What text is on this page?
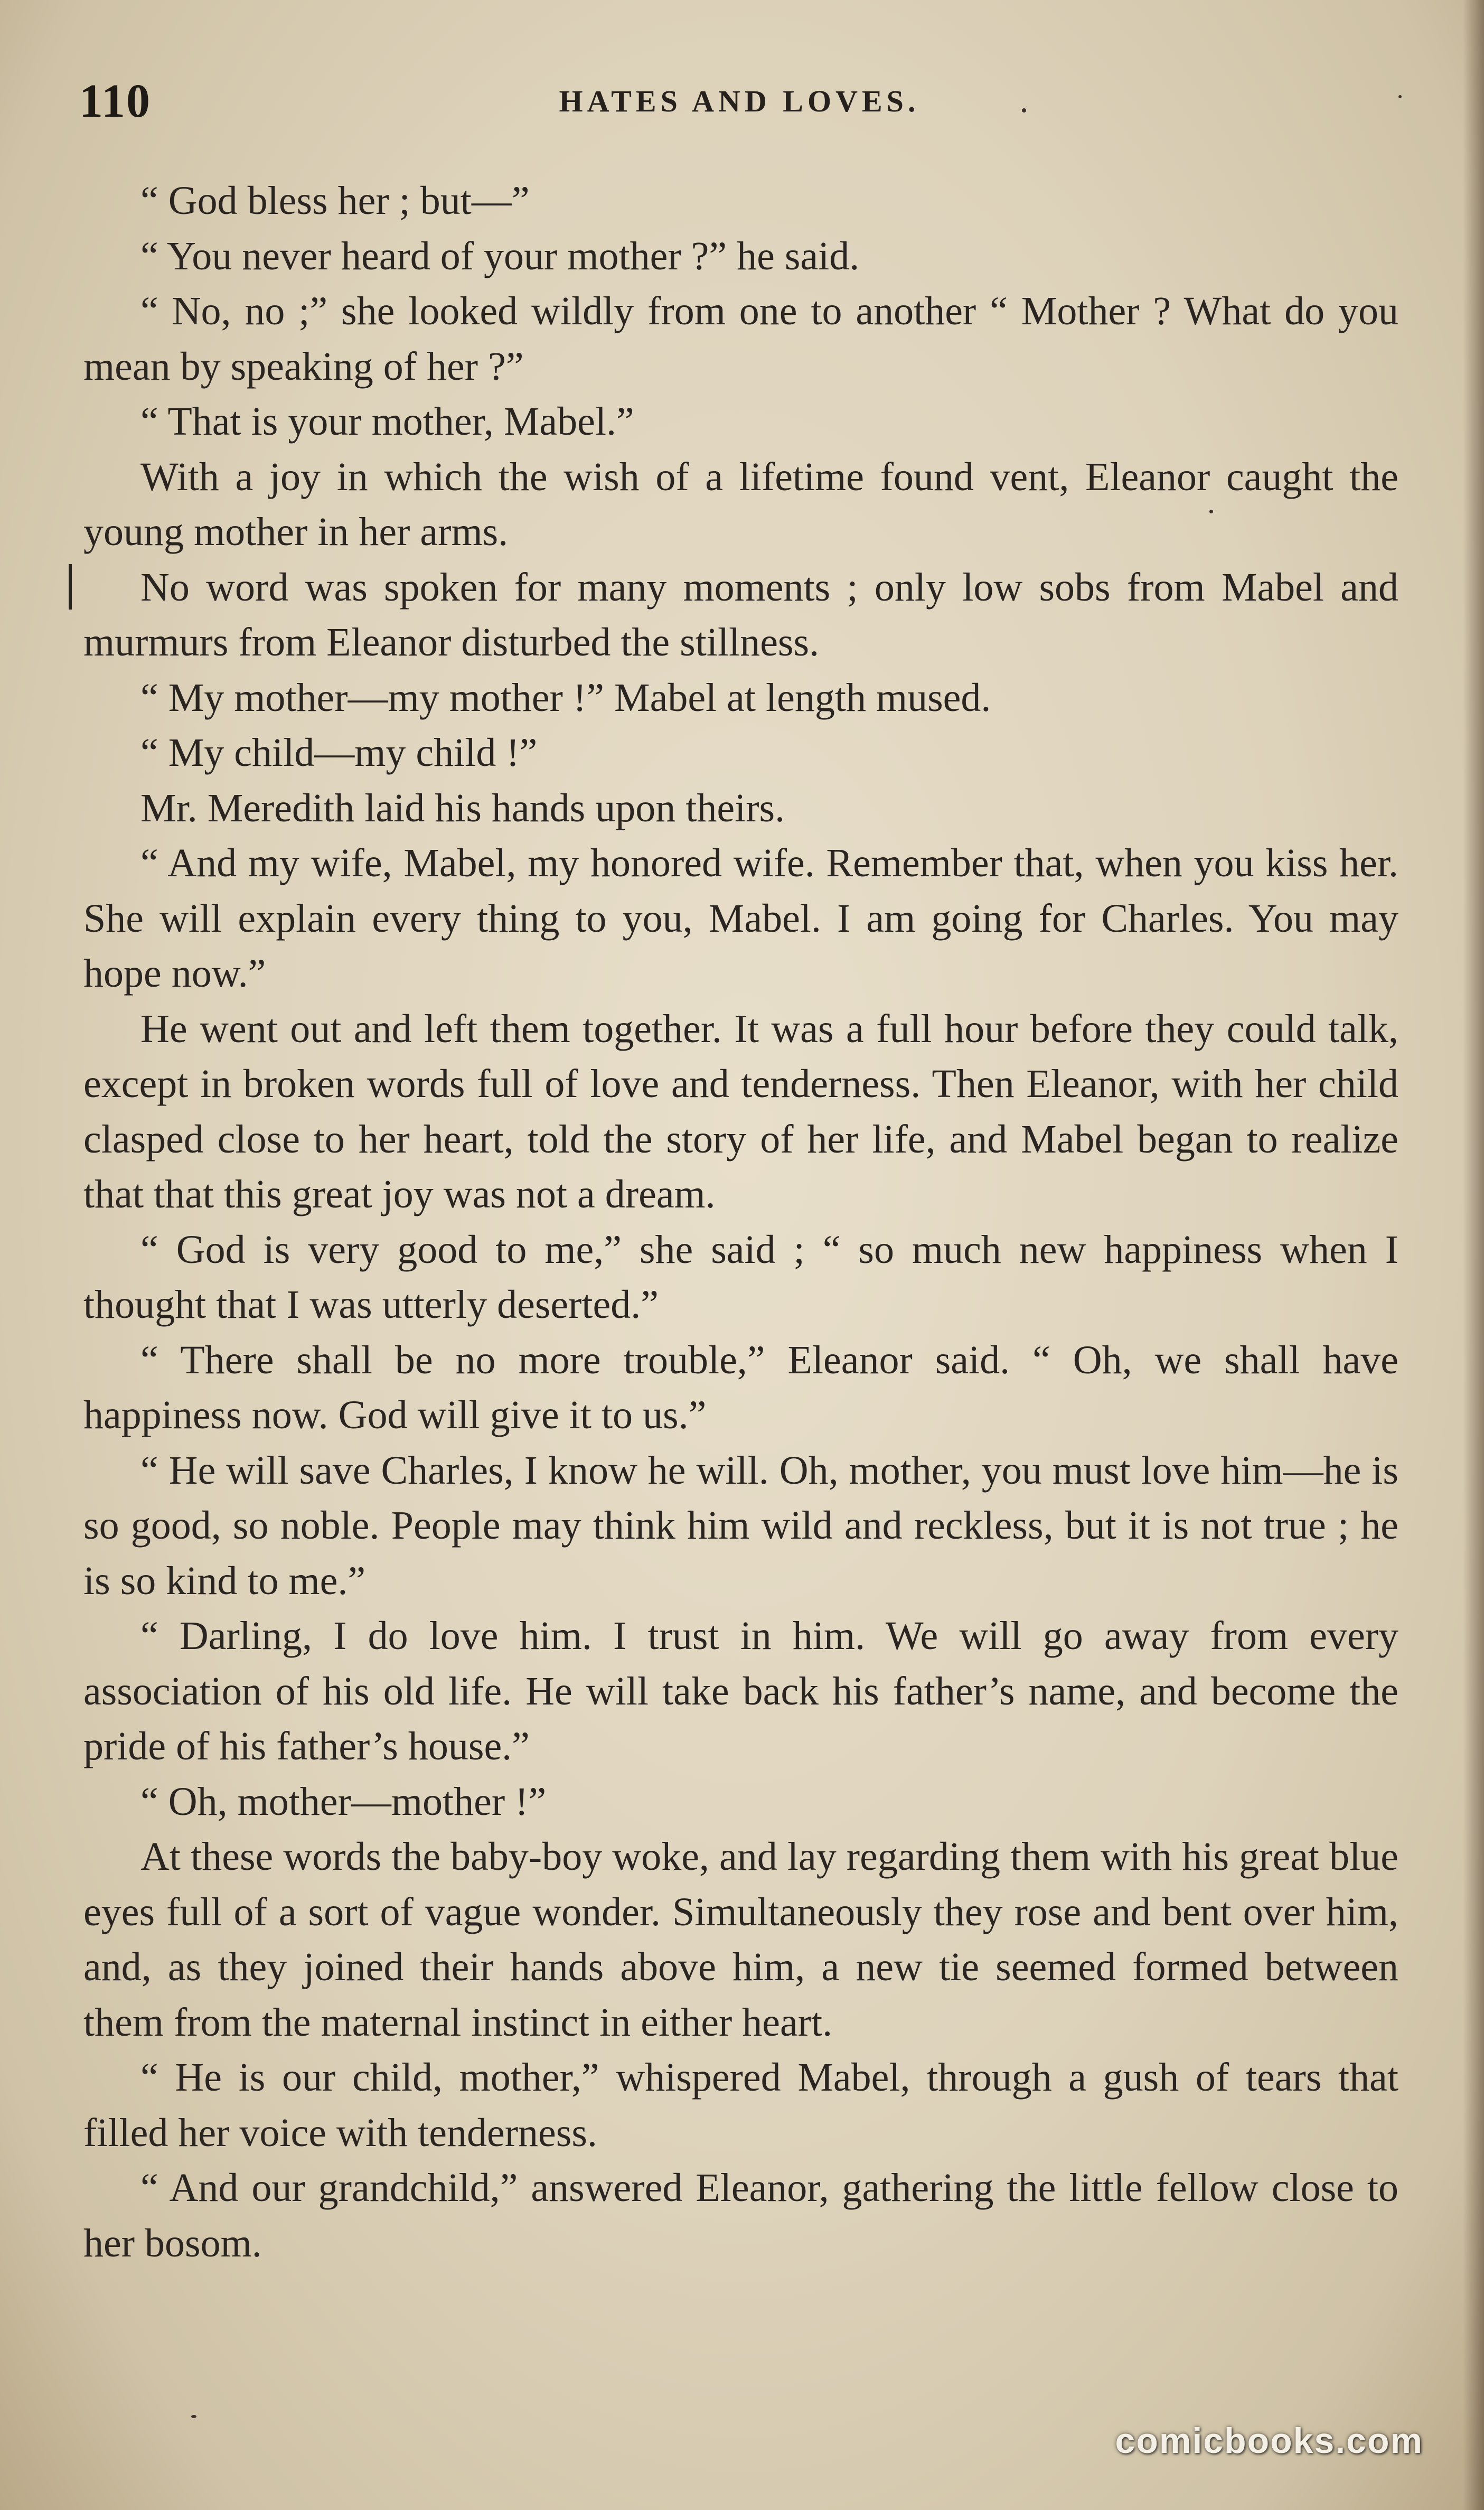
110	HATES AND LOVES.

“ God bless her ; but—”

“ You never heard of your mother ?” he said.

“ No, no ;” she looked wildly from one to another “ Mother ? What do you mean by speaking of her ?”

“ That is your mother, Mabel.”

With a joy in which the wish of a lifetime found vent, Eleanor caught the young mother in her arms.

No word was spoken for many moments ; only low sobs from Mabel and murmurs from Eleanor disturbed the stillness.

“ My mother—my mother !” Mabel at length mused.

“ My child—my child !”

Mr. Meredith laid his hands upon theirs.

“ And my wife, Mabel, my honored wife. Remember that, when you kiss her. She will explain every thing to you, Mabel. I am going for Charles. You may hope now.”

He went out and left them together. It was a full hour before they could talk, except in broken words full of love and tenderness. Then Eleanor, with her child clasped close to her heart, told the story of her life, and Mabel began to realize that that this great joy was not a dream.

“ God is very good to me,” she said ; “ so much new happiness when I thought that I was utterly deserted.”

“ There shall be no more trouble,” Eleanor said. “ Oh, we shall have happiness now. God will give it to us.”

“ He will save Charles, I know he will. Oh, mother, you must love him—he is so good, so noble. People may think him wild and reckless, but it is not true ; he is so kind to me.”

“ Darling, I do love him. I trust in him. We will go away from every association of his old life. He will take back his father’s name, and become the pride of his father’s house.”

“ Oh, mother—mother !”

At these words the baby-boy woke, and lay regarding them with his great blue eyes full of a sort of vague wonder. Simultaneously they rose and bent over him, and, as they joined their hands above him, a new tie seemed formed between them from the maternal instinct in either heart.

“ He is our child, mother,” whispered Mabel, through a gush of tears that filled her voice with tenderness.

“ And our grandchild,” answered Eleanor, gathering the little fellow close to her bosom.

comicbooks.com
